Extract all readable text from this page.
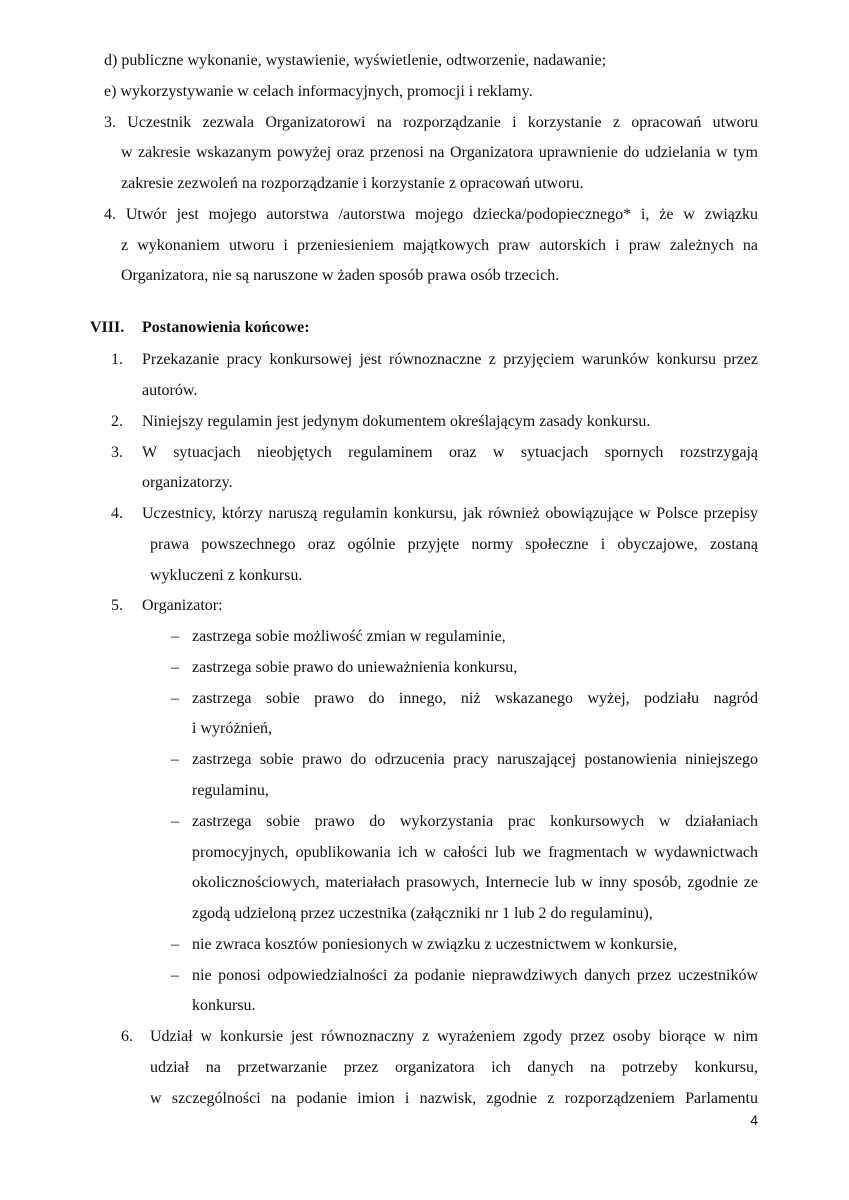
d) publiczne wykonanie, wystawienie, wyświetlenie, odtworzenie, nadawanie;
e) wykorzystywanie w celach informacyjnych, promocji i reklamy.
3. Uczestnik zezwala Organizatorowi na rozporządzanie i korzystanie z opracowań utworu
w zakresie wskazanym powyżej oraz przenosi na Organizatora uprawnienie do udzielania w tym
zakresie zezwoleń na rozporządzanie i korzystanie z opracowań utworu.
4. Utwór jest mojego autorstwa /autorstwa mojego dziecka/podopiecznego* i, że w związku
z wykonaniem utworu i przeniesieniem majątkowych praw autorskich i praw zależnych na
Organizatora, nie są naruszone w żaden sposób prawa osób trzecich.
VIII. Postanowienia końcowe:
1. Przekazanie pracy konkursowej jest równoznaczne z przyjęciem warunków konkursu przez
autorów.
2. Niniejszy regulamin jest jedynym dokumentem określającym zasady konkursu.
3. W sytuacjach nieobjętych regulaminem oraz w sytuacjach spornych rozstrzygają
organizatorzy.
4. Uczestnicy, którzy naruszą regulamin konkursu, jak również obowiązujące w Polsce przepisy
prawa powszechnego oraz ogólnie przyjęte normy społeczne i obyczajowe, zostaną
wykluczeni z konkursu.
5. Organizator:
– zastrzega sobie możliwość zmian w regulaminie,
– zastrzega sobie prawo do unieważnienia konkursu,
– zastrzega sobie prawo do innego, niż wskazanego wyżej, podziału nagród
i wyróżnień,
– zastrzega sobie prawo do odrzucenia pracy naruszającej postanowienia niniejszego
regulaminu,
– zastrzega sobie prawo do wykorzystania prac konkursowych w działaniach
promocyjnych, opublikowania ich w całości lub we fragmentach w wydawnictwach
okolicznościowych, materiałach prasowych, Internecie lub w inny sposób, zgodnie ze
zgodą udzieloną przez uczestnika (załączniki nr 1 lub 2 do regulaminu),
– nie zwraca kosztów poniesionych w związku z uczestnictwem w konkursie,
– nie ponosi odpowiedzialności za podanie nieprawdziwych danych przez uczestników
konkursu.
6. Udział w konkursie jest równoznaczny z wyrażeniem zgody przez osoby biorące w nim
udział na przetwarzanie przez organizatora ich danych na potrzeby konkursu,
w szczególności na podanie imion i nazwisk, zgodnie z rozporządzeniem Parlamentu
4
